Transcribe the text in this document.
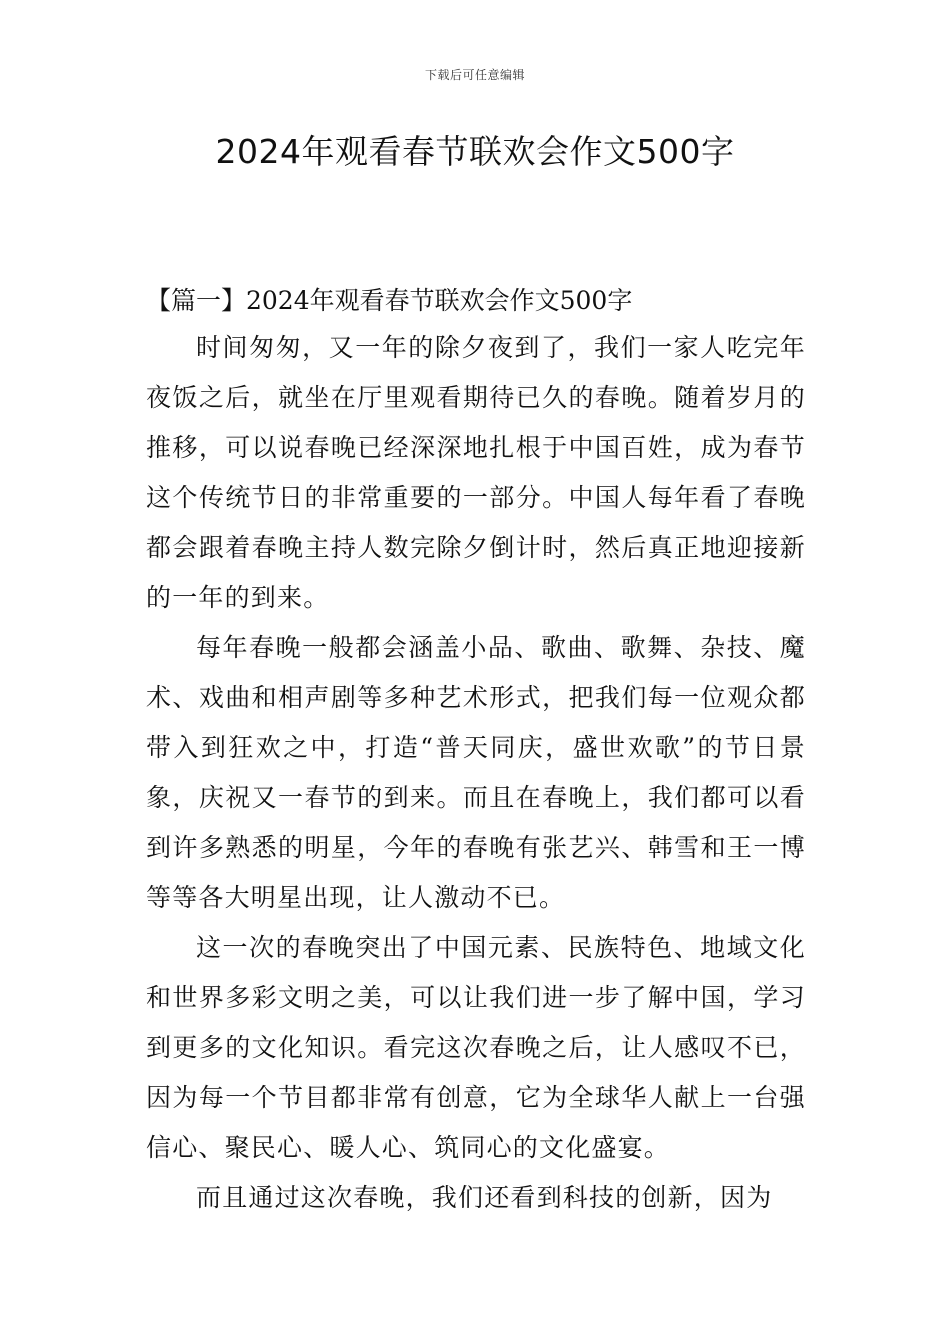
下载后可任意编辑
2024年观看春节联欢会作文500字

【篇一】2024年观看春节联欢会作文500字

时间匆匆，又一年的除夕夜到了，我们一家人吃完年夜饭之后，就坐在厅里观看期待已久的春晚。随着岁月的推移，可以说春晚已经深深地扎根于中国百姓，成为春节这个传统节日的非常重要的一部分。中国人每年看了春晚都会跟着春晚主持人数完除夕倒计时，然后真正地迎接新的一年的到来。

每年春晚一般都会涵盖小品、歌曲、歌舞、杂技、魔术、戏曲和相声剧等多种艺术形式，把我们每一位观众都带入到狂欢之中，打造“普天同庆，盛世欢歌”的节日景象，庆祝又一春节的到来。而且在春晚上，我们都可以看到许多熟悉的明星，今年的春晚有张艺兴、韩雪和王一博等等各大明星出现，让人激动不已。

这一次的春晚突出了中国元素、民族特色、地域文化和世界多彩文明之美，可以让我们进一步了解中国，学习到更多的文化知识。看完这次春晚之后，让人感叹不已，因为每一个节目都非常有创意，它为全球华人献上一台强信心、聚民心、暖人心、筑同心的文化盛宴。

而且通过这次春晚，我们还看到科技的创新，因为
